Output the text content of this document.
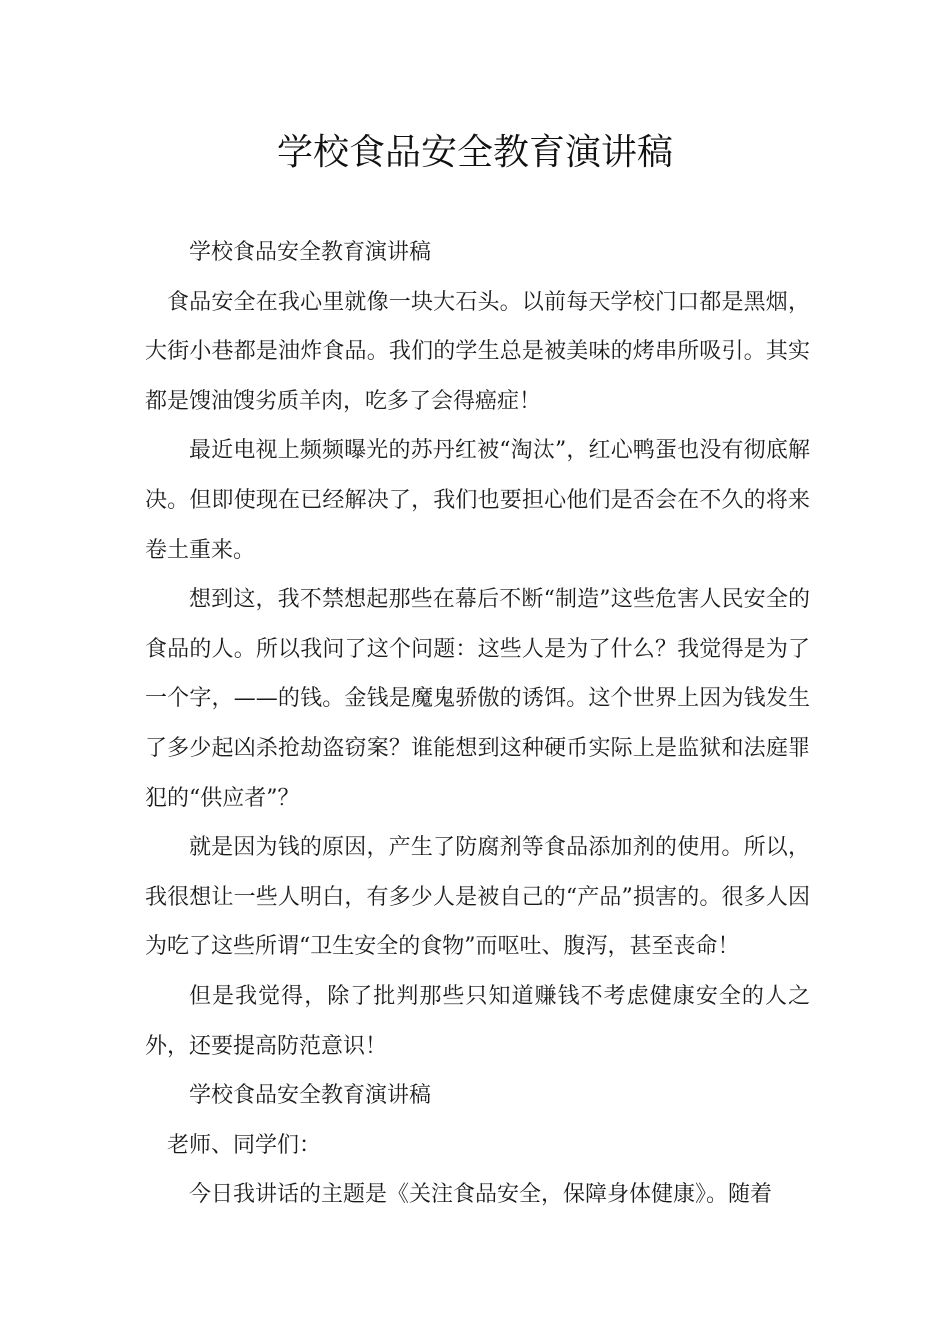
学校食品安全教育演讲稿

学校食品安全教育演讲稿

食品安全在我心里就像一块大石头。以前每天学校门口都是黑烟，大街小巷都是油炸食品。我们的学生总是被美味的烤串所吸引。其实都是馊油馊劣质羊肉，吃多了会得癌症！

最近电视上频频曝光的苏丹红被“淘汰”，红心鸭蛋也没有彻底解决。但即使现在已经解决了，我们也要担心他们是否会在不久的将来卷土重来。

想到这，我不禁想起那些在幕后不断“制造”这些危害人民安全的食品的人。所以我问了这个问题：这些人是为了什么？我觉得是为了一个字，——的钱。金钱是魔鬼骄傲的诱饵。这个世界上因为钱发生了多少起凶杀抢劫盗窃案？谁能想到这种硬币实际上是监狱和法庭罪犯的“供应者”？

就是因为钱的原因，产生了防腐剂等食品添加剂的使用。所以，我很想让一些人明白，有多少人是被自己的“产品”损害的。很多人因为吃了这些所谓“卫生安全的食物”而呕吐、腹泻，甚至丧命！

但是我觉得，除了批判那些只知道赚钱不考虑健康安全的人之外，还要提高防范意识！

学校食品安全教育演讲稿

老师、同学们：

今日我讲话的主题是《关注食品安全，保障身体健康》。随着
